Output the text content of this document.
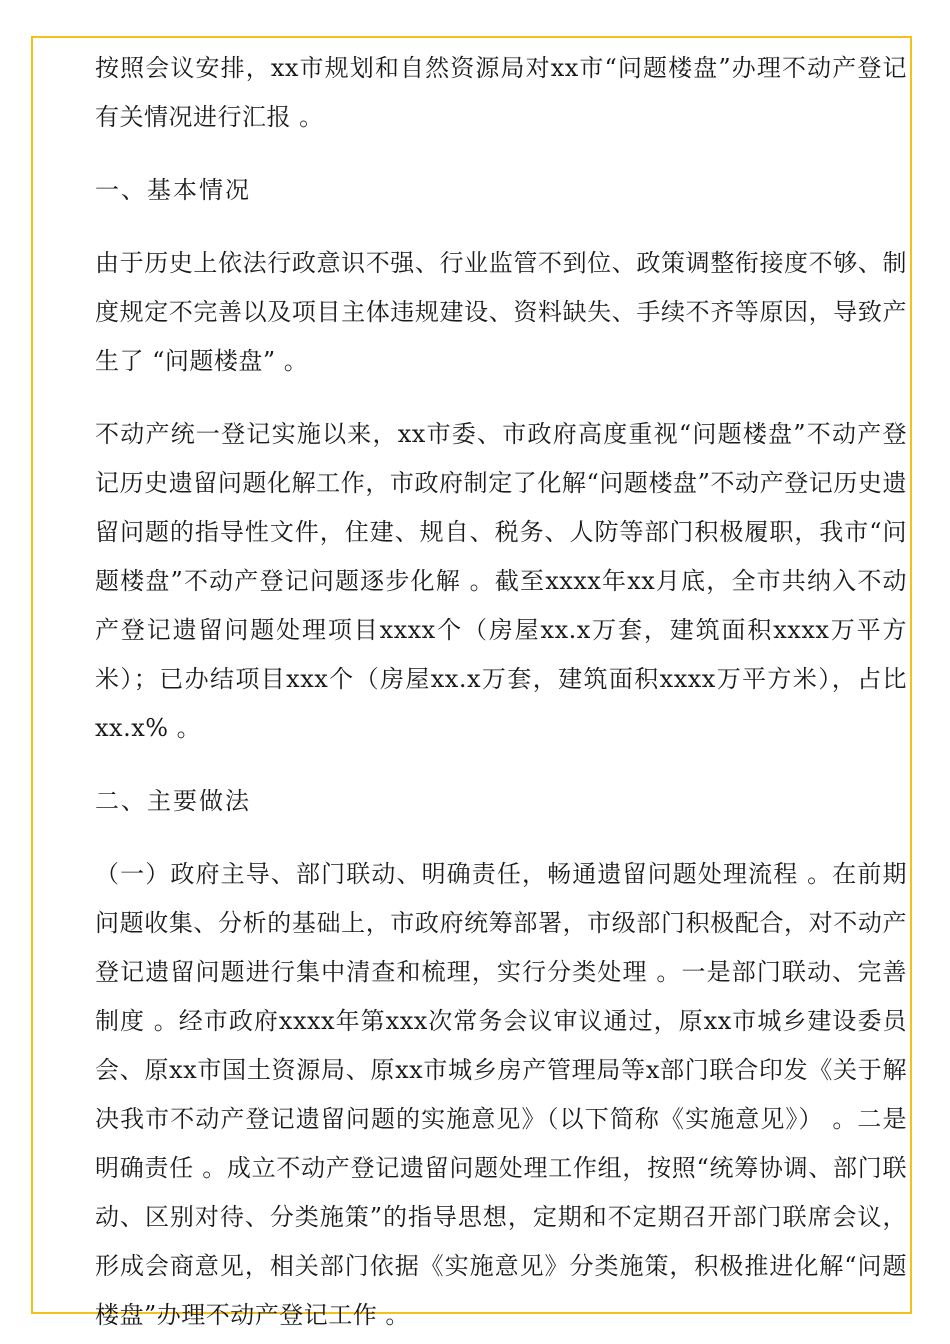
按照会议安排，xx市规划和自然资源局对xx市“问题楼盘”办理不动产登记有关情况进行汇报 。

一、基本情况

由于历史上依法行政意识不强、行业监管不到位、政策调整衔接度不够、制度规定不完善以及项目主体违规建设、资料缺失、手续不齐等原因，导致产生了 “问题楼盘” 。

不动产统一登记实施以来，xx市委、市政府高度重视“问题楼盘”不动产登记历史遗留问题化解工作，市政府制定了化解“问题楼盘”不动产登记历史遗留问题的指导性文件，住建、规自、税务、人防等部门积极履职，我市“问题楼盘”不动产登记问题逐步化解 。截至xxxx年xx月底，全市共纳入不动产登记遗留问题处理项目xxxx个（房屋xx.x万套，建筑面积xxxx万平方米）；已办结项目xxx个（房屋xx.x万套，建筑面积xxxx万平方米），占比xx.x% 。

二、主要做法

（一）政府主导、部门联动、明确责任，畅通遗留问题处理流程 。在前期问题收集、分析的基础上，市政府统筹部署，市级部门积极配合，对不动产登记遗留问题进行集中清查和梳理，实行分类处理 。一是部门联动、完善制度 。经市政府xxxx年第xxx次常务会议审议通过，原xx市城乡建设委员会、原xx市国土资源局、原xx市城乡房产管理局等x部门联合印发《关于解决我市不动产登记遗留问题的实施意见》（以下简称《实施意见》） 。二是明确责任 。成立不动产登记遗留问题处理工作组，按照“统筹协调、部门联动、区别对待、分类施策”的指导思想，定期和不定期召开部门联席会议，形成会商意见，相关部门依据《实施意见》分类施策，积极推进化解“问题楼盘”办理不动产登记工作 。
